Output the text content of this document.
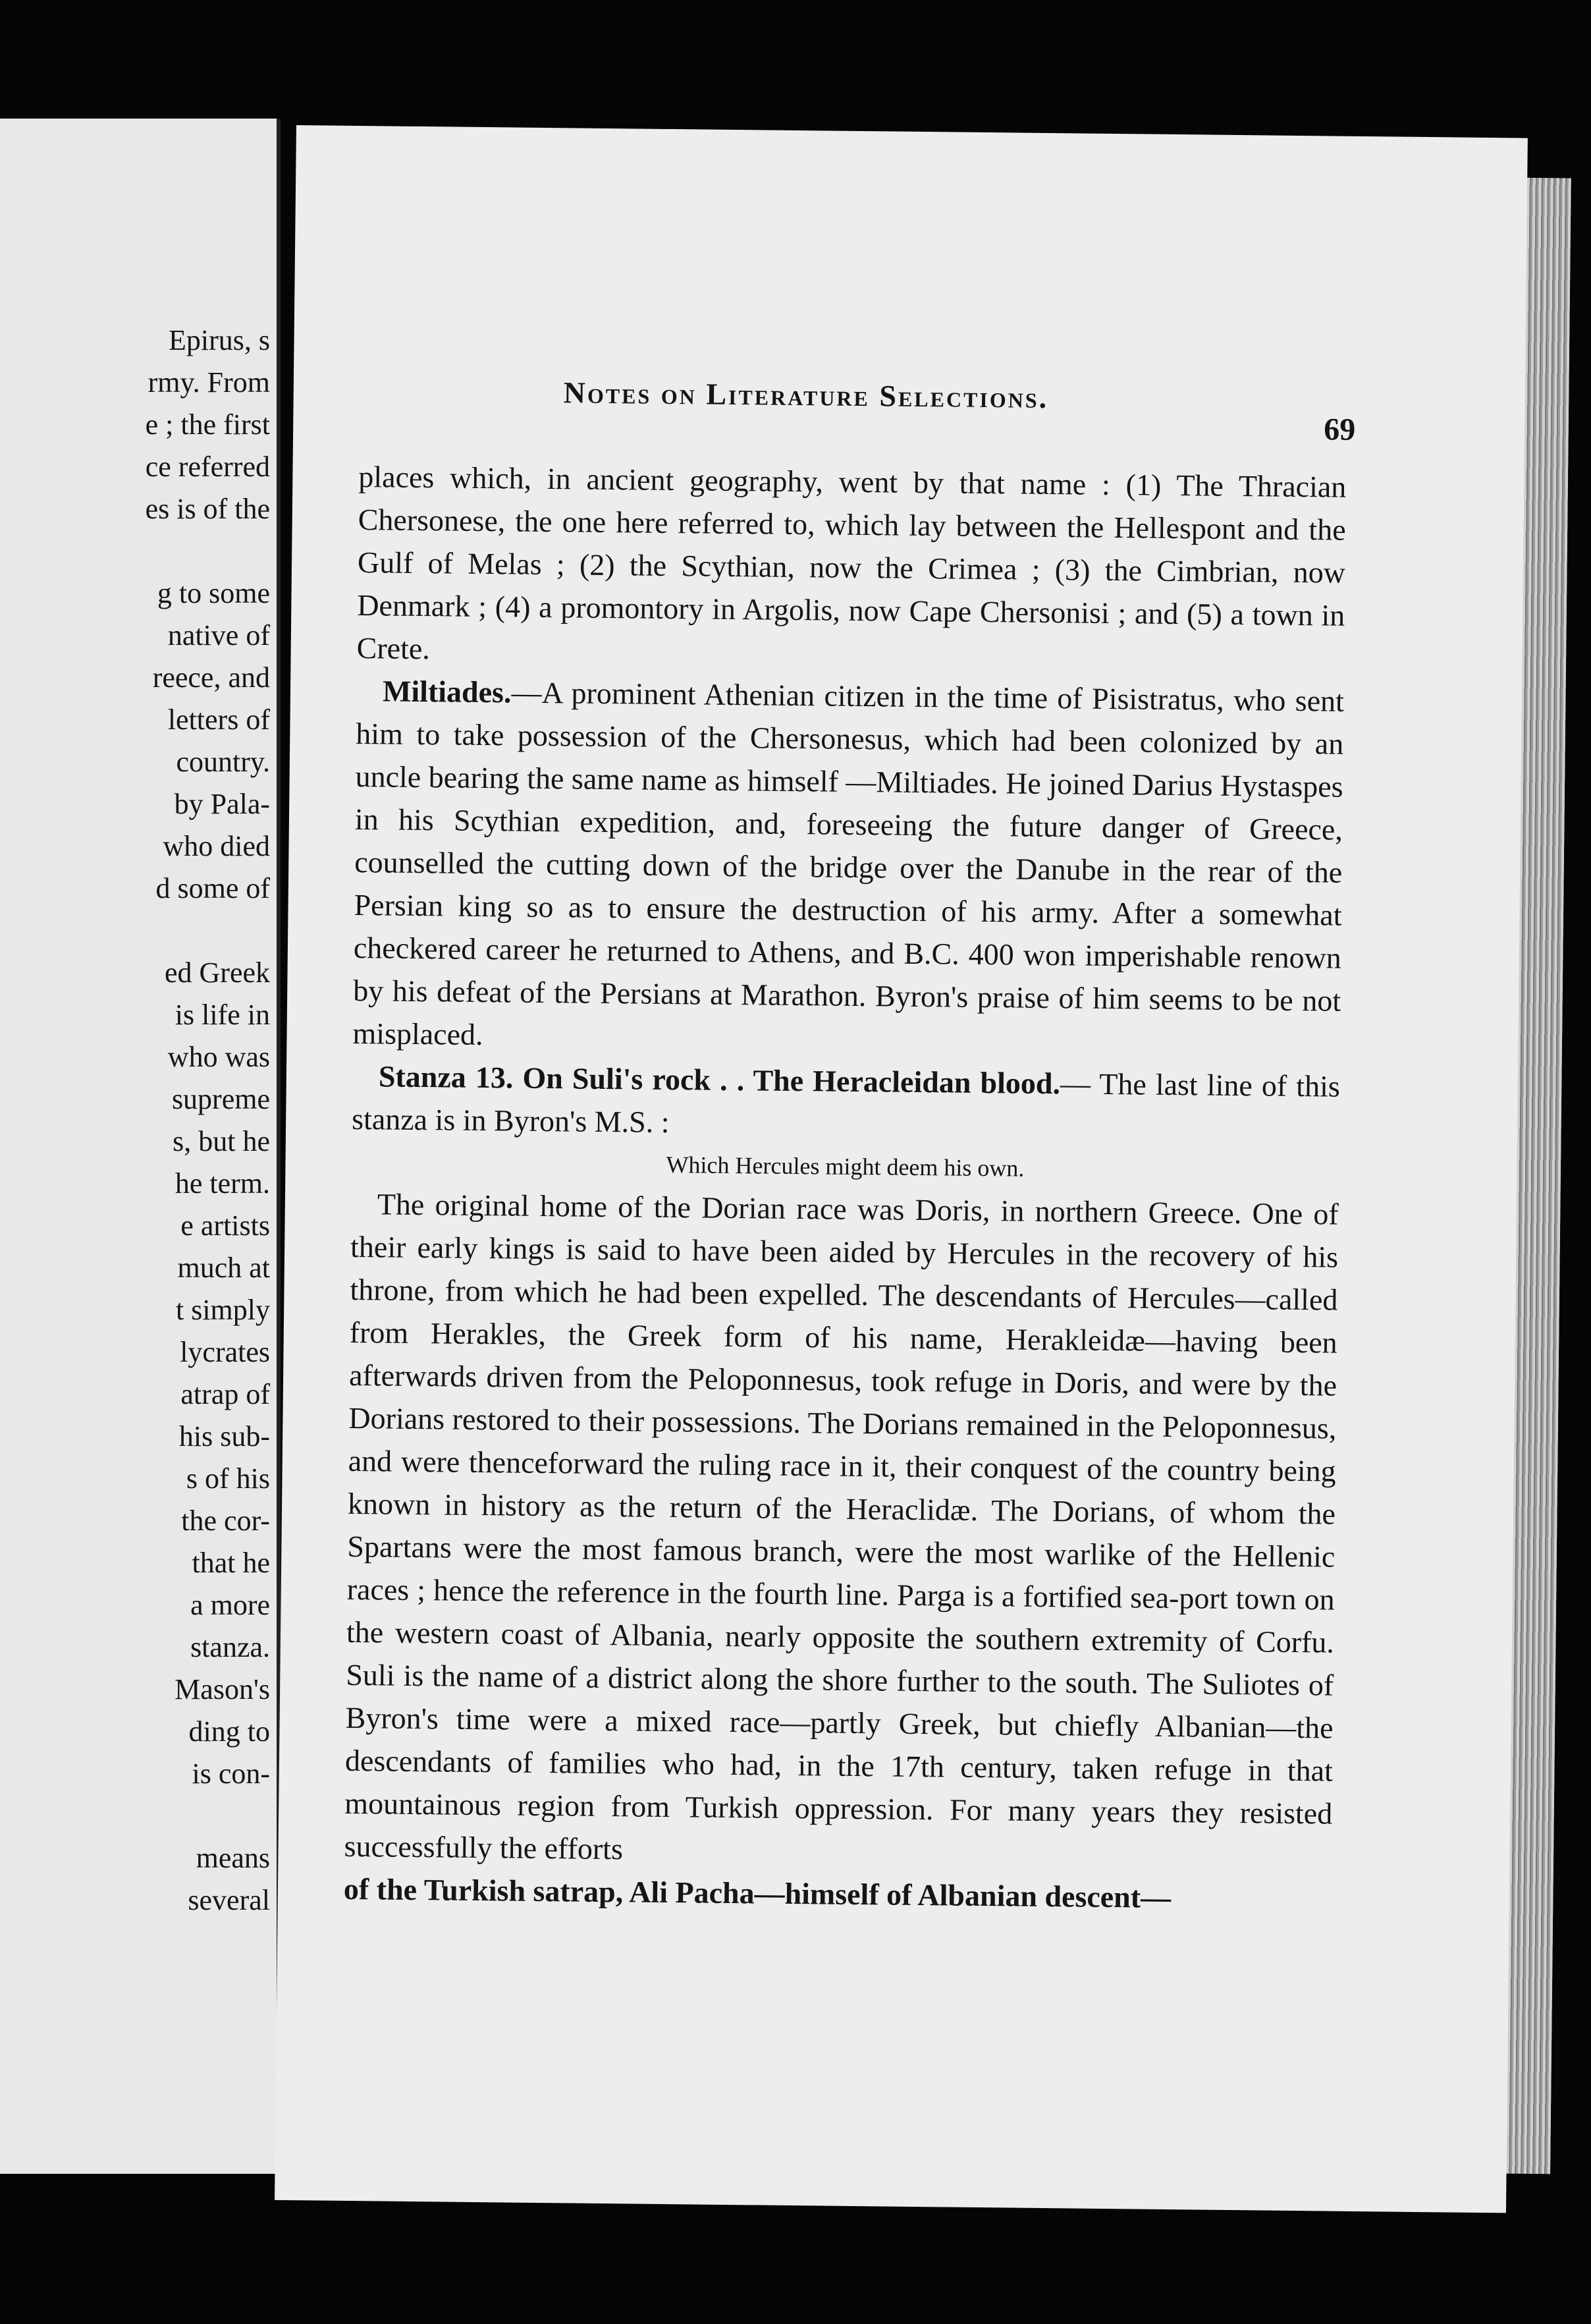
Epirus, s
rmy. From
e ; the first
ce referred
es is of the
g to some
native of
reece, and
letters of
country.
by Pala-
who died
d some of
ed Greek
is life in
who was
supreme
s, but he
he term.
e artists
much at
t simply
lycrates
atrap of
his sub-
s of his
the cor-
that he
a more
stanza.
Mason's
ding to
is con-
means
several
Notes on Literature Selections.
69

places which, in ancient geography, went by that name : (1) The Thracian Chersonese, the one here referred to, which lay between the Hellespont and the Gulf of Melas ; (2) the Scythian, now the Crimea ; (3) the Cimbrian, now Denmark ; (4) a promontory in Argolis, now Cape Chersonisi ; and (5) a town in Crete.

Miltiades.—A prominent Athenian citizen in the time of Pisistratus, who sent him to take possession of the Chersonesus, which had been colonized by an uncle bearing the same name as himself —Miltiades. He joined Darius Hystaspes in his Scythian expedition, and, foreseeing the future danger of Greece, counselled the cutting down of the bridge over the Danube in the rear of the Persian king so as to ensure the destruction of his army. After a somewhat checkered career he returned to Athens, and B.C. 400 won imperishable renown by his defeat of the Persians at Marathon. Byron's praise of him seems to be not misplaced.

Stanza 13. On Suli's rock . . The Heracleidan blood.— The last line of this stanza is in Byron's M.S. :

Which Hercules might deem his own.

The original home of the Dorian race was Doris, in northern Greece. One of their early kings is said to have been aided by Hercules in the recovery of his throne, from which he had been expelled. The descendants of Hercules—called from Herakles, the Greek form of his name, Herakleidæ—having been afterwards driven from the Peloponnesus, took refuge in Doris, and were by the Dorians restored to their possessions. The Dorians remained in the Peloponnesus, and were thenceforward the ruling race in it, their conquest of the country being known in history as the return of the Heraclidæ. The Dorians, of whom the Spartans were the most famous branch, were the most warlike of the Hellenic races ; hence the reference in the fourth line. Parga is a fortified sea-port town on the western coast of Albania, nearly opposite the southern extremity of Corfu. Suli is the name of a district along the shore further to the south. The Suliotes of Byron's time were a mixed race—partly Greek, but chiefly Albanian—the descendants of families who had, in the 17th century, taken refuge in that mountainous region from Turkish oppression. For many years they resisted successfully the efforts

of the Turkish satrap, Ali Pacha—himself of Albanian descent—
